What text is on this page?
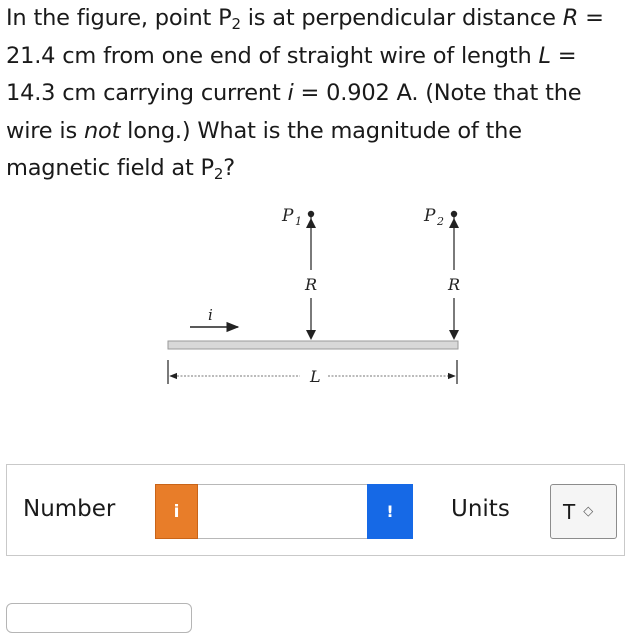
In the figure, point $P_2$ is at perpendicular distance R =

21.4 cm from one end of straight wire of length L =

14.3 cm carrying current i = 0.902 A. (Note that the

wire is not long.) What is the magnitude of the

magnetic field at $P_2$?

P 1
R
P 2
R
i
L
Number	i	!	Units	T ◇
